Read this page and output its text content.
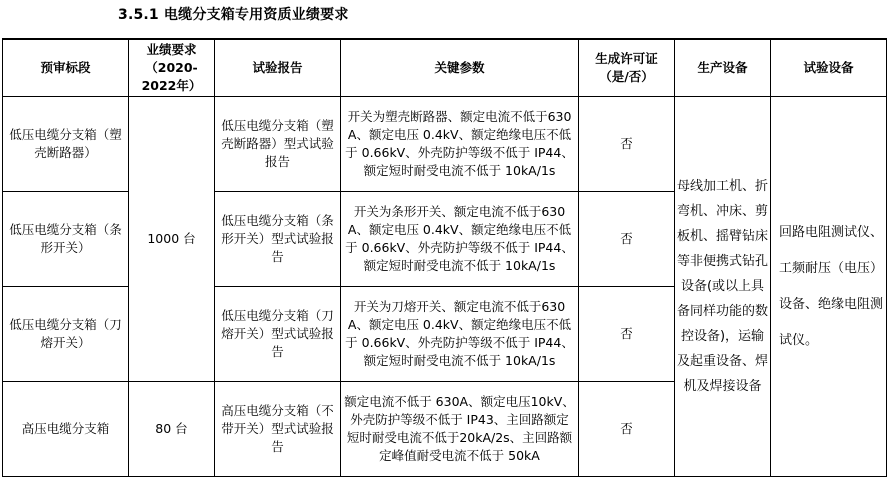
3.5.1 电缆分支箱专用资质业绩要求
预审标段	业绩要求（2020-2022年）	试验报告	关键参数	生成许可证（是/否）	生产设备	试验设备
低压电缆分支箱（塑壳断路器）	1000 台	低压电缆分支箱（塑壳断路器）型式试验报告	开关为塑壳断路器、额定电流不低于630A、额定电压 0.4kV、额定绝缘电压不低于 0.66kV、外壳防护等级不低于 IP44、额定短时耐受电流不低于 10kA/1s	否	母线加工机、折弯机、冲床、剪板机、摇臂钻床等非便携式钻孔设备(或以上具备同样功能的数控设备)，运输及起重设备、焊机及焊接设备	回路电阻测试仪、工频耐压（电压）设备、绝缘电阻测试仪。
低压电缆分支箱（条形开关）		低压电缆分支箱（条形开关）型式试验报告	开关为条形开关、额定电流不低于630A、额定电压 0.4kV、额定绝缘电压不低于 0.66kV、外壳防护等级不低于 IP44、额定短时耐受电流不低于 10kA/1s	否		
低压电缆分支箱（刀熔开关）		低压电缆分支箱（刀熔开关）型式试验报告	开关为刀熔开关、额定电流不低于630A、额定电压 0.4kV、额定绝缘电压不低于 0.66kV、外壳防护等级不低于 IP44、额定短时耐受电流不低于 10kA/1s	否		
高压电缆分支箱	80 台	高压电缆分支箱（不带开关）型式试验报告	额定电流不低于 630A、额定电压10kV、外壳防护等级不低于 IP43、主回路额定短时耐受电流不低于20kA/2s、主回路额定峰值耐受电流不低于 50kA	否		
